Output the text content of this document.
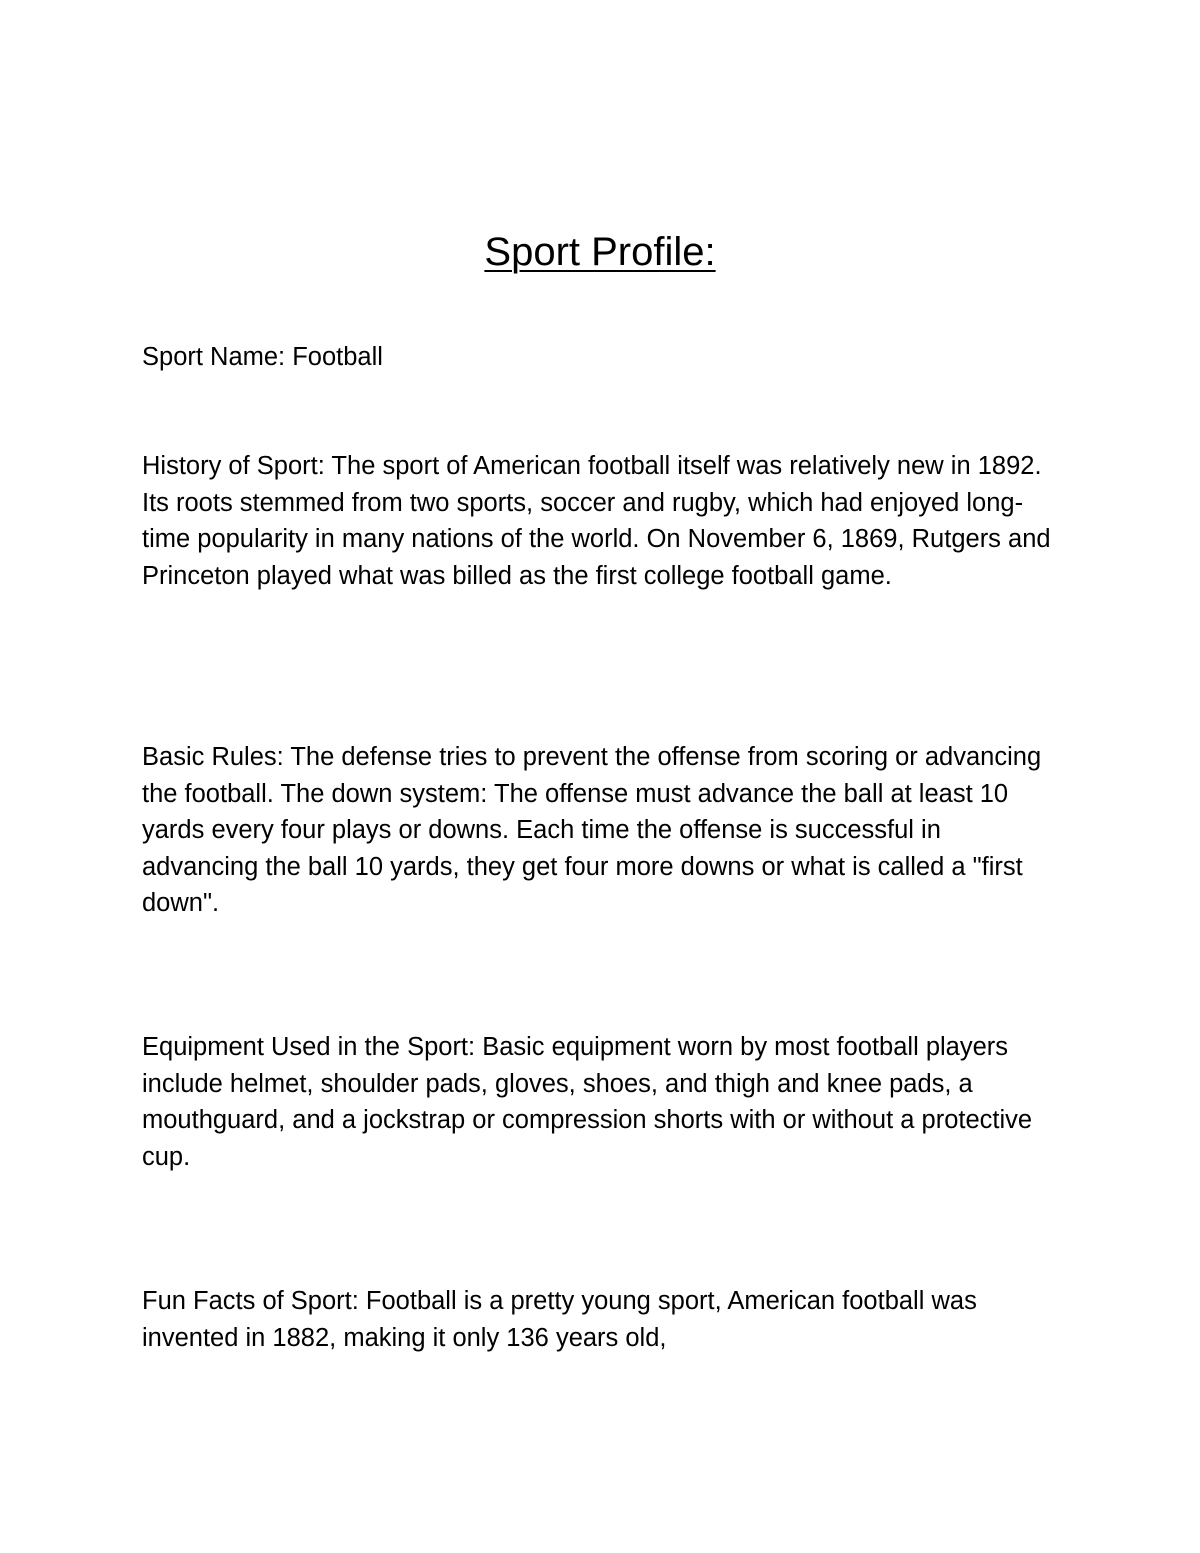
Sport Profile:

Sport Name: Football

History of Sport: The sport of American football itself was relatively new in 1892. Its roots stemmed from two sports, soccer and rugby, which had enjoyed long-time popularity in many nations of the world. On November 6, 1869, Rutgers and Princeton played what was billed as the first college football game.

Basic Rules: The defense tries to prevent the offense from scoring or advancing the football. The down system: The offense must advance the ball at least 10 yards every four plays or downs. Each time the offense is successful in advancing the ball 10 yards, they get four more downs or what is called a "first down".

Equipment Used in the Sport: Basic equipment worn by most football players include helmet, shoulder pads, gloves, shoes, and thigh and knee pads, a mouthguard, and a jockstrap or compression shorts with or without a protective cup.

Fun Facts of Sport: Football is a pretty young sport, American football was invented in 1882, making it only 136 years old,
